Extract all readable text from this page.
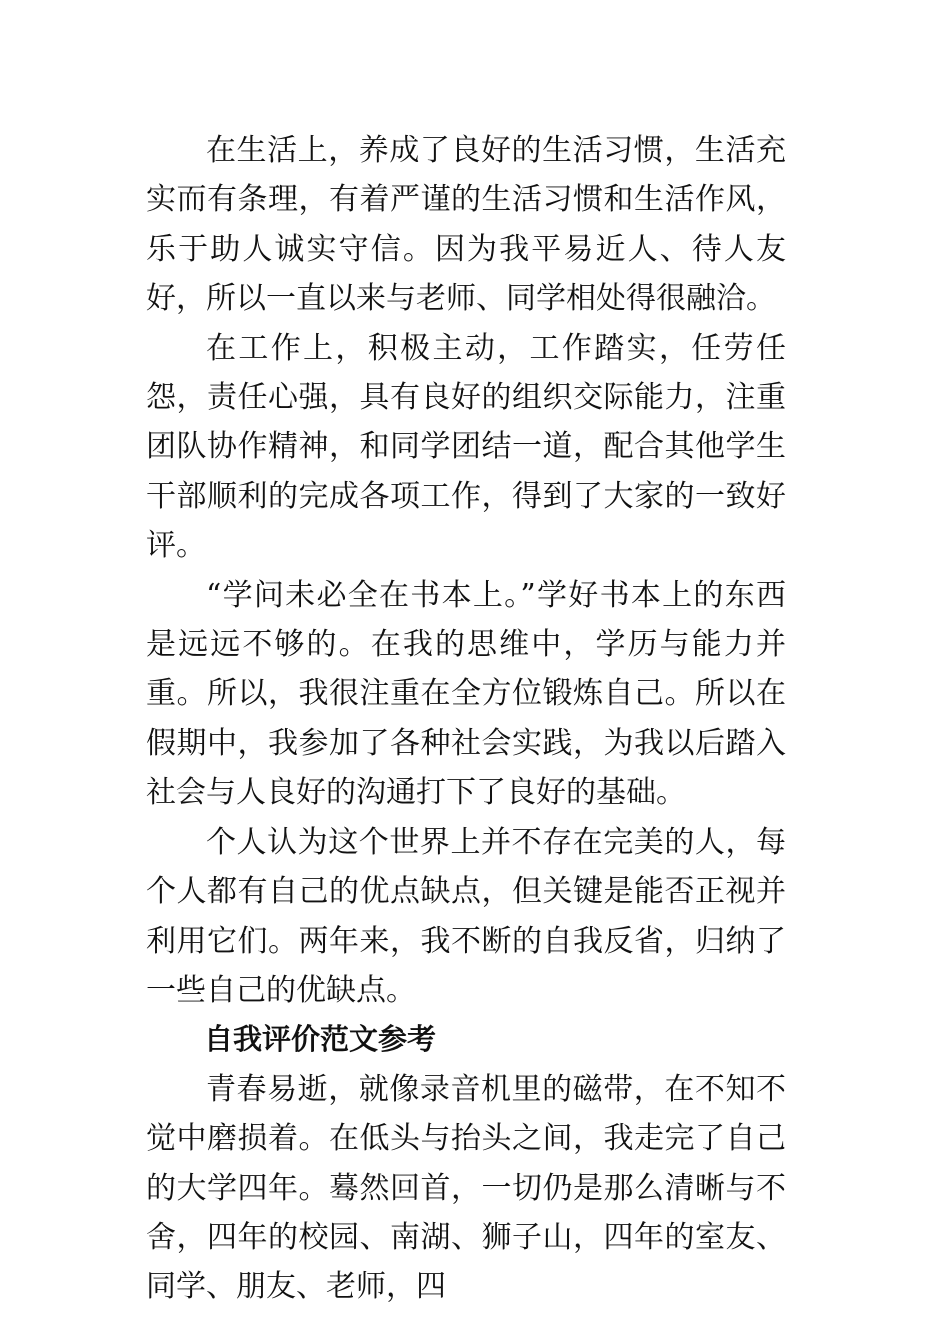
在生活上，养成了良好的生活习惯，生活充实而有条理，有着严谨的生活习惯和生活作风，乐于助人诚实守信。因为我平易近人、待人友好，所以一直以来与老师、同学相处得很融洽。

在工作上，积极主动，工作踏实，任劳任怨，责任心强，具有良好的组织交际能力，注重团队协作精神，和同学团结一道，配合其他学生干部顺利的完成各项工作，得到了大家的一致好评。

“学问未必全在书本上。”学好书本上的东西是远远不够的。在我的思维中，学历与能力并重。所以，我很注重在全方位锻炼自己。所以在假期中，我参加了各种社会实践，为我以后踏入社会与人良好的沟通打下了良好的基础。

个人认为这个世界上并不存在完美的人，每个人都有自己的优点缺点，但关键是能否正视并利用它们。两年来，我不断的自我反省，归纳了一些自己的优缺点。

自我评价范文参考

青春易逝，就像录音机里的磁带，在不知不觉中磨损着。在低头与抬头之间，我走完了自己的大学四年。蓦然回首，一切仍是那么清晰与不舍，四年的校园、南湖、狮子山，四年的室友、同学、朋友、老师，四
